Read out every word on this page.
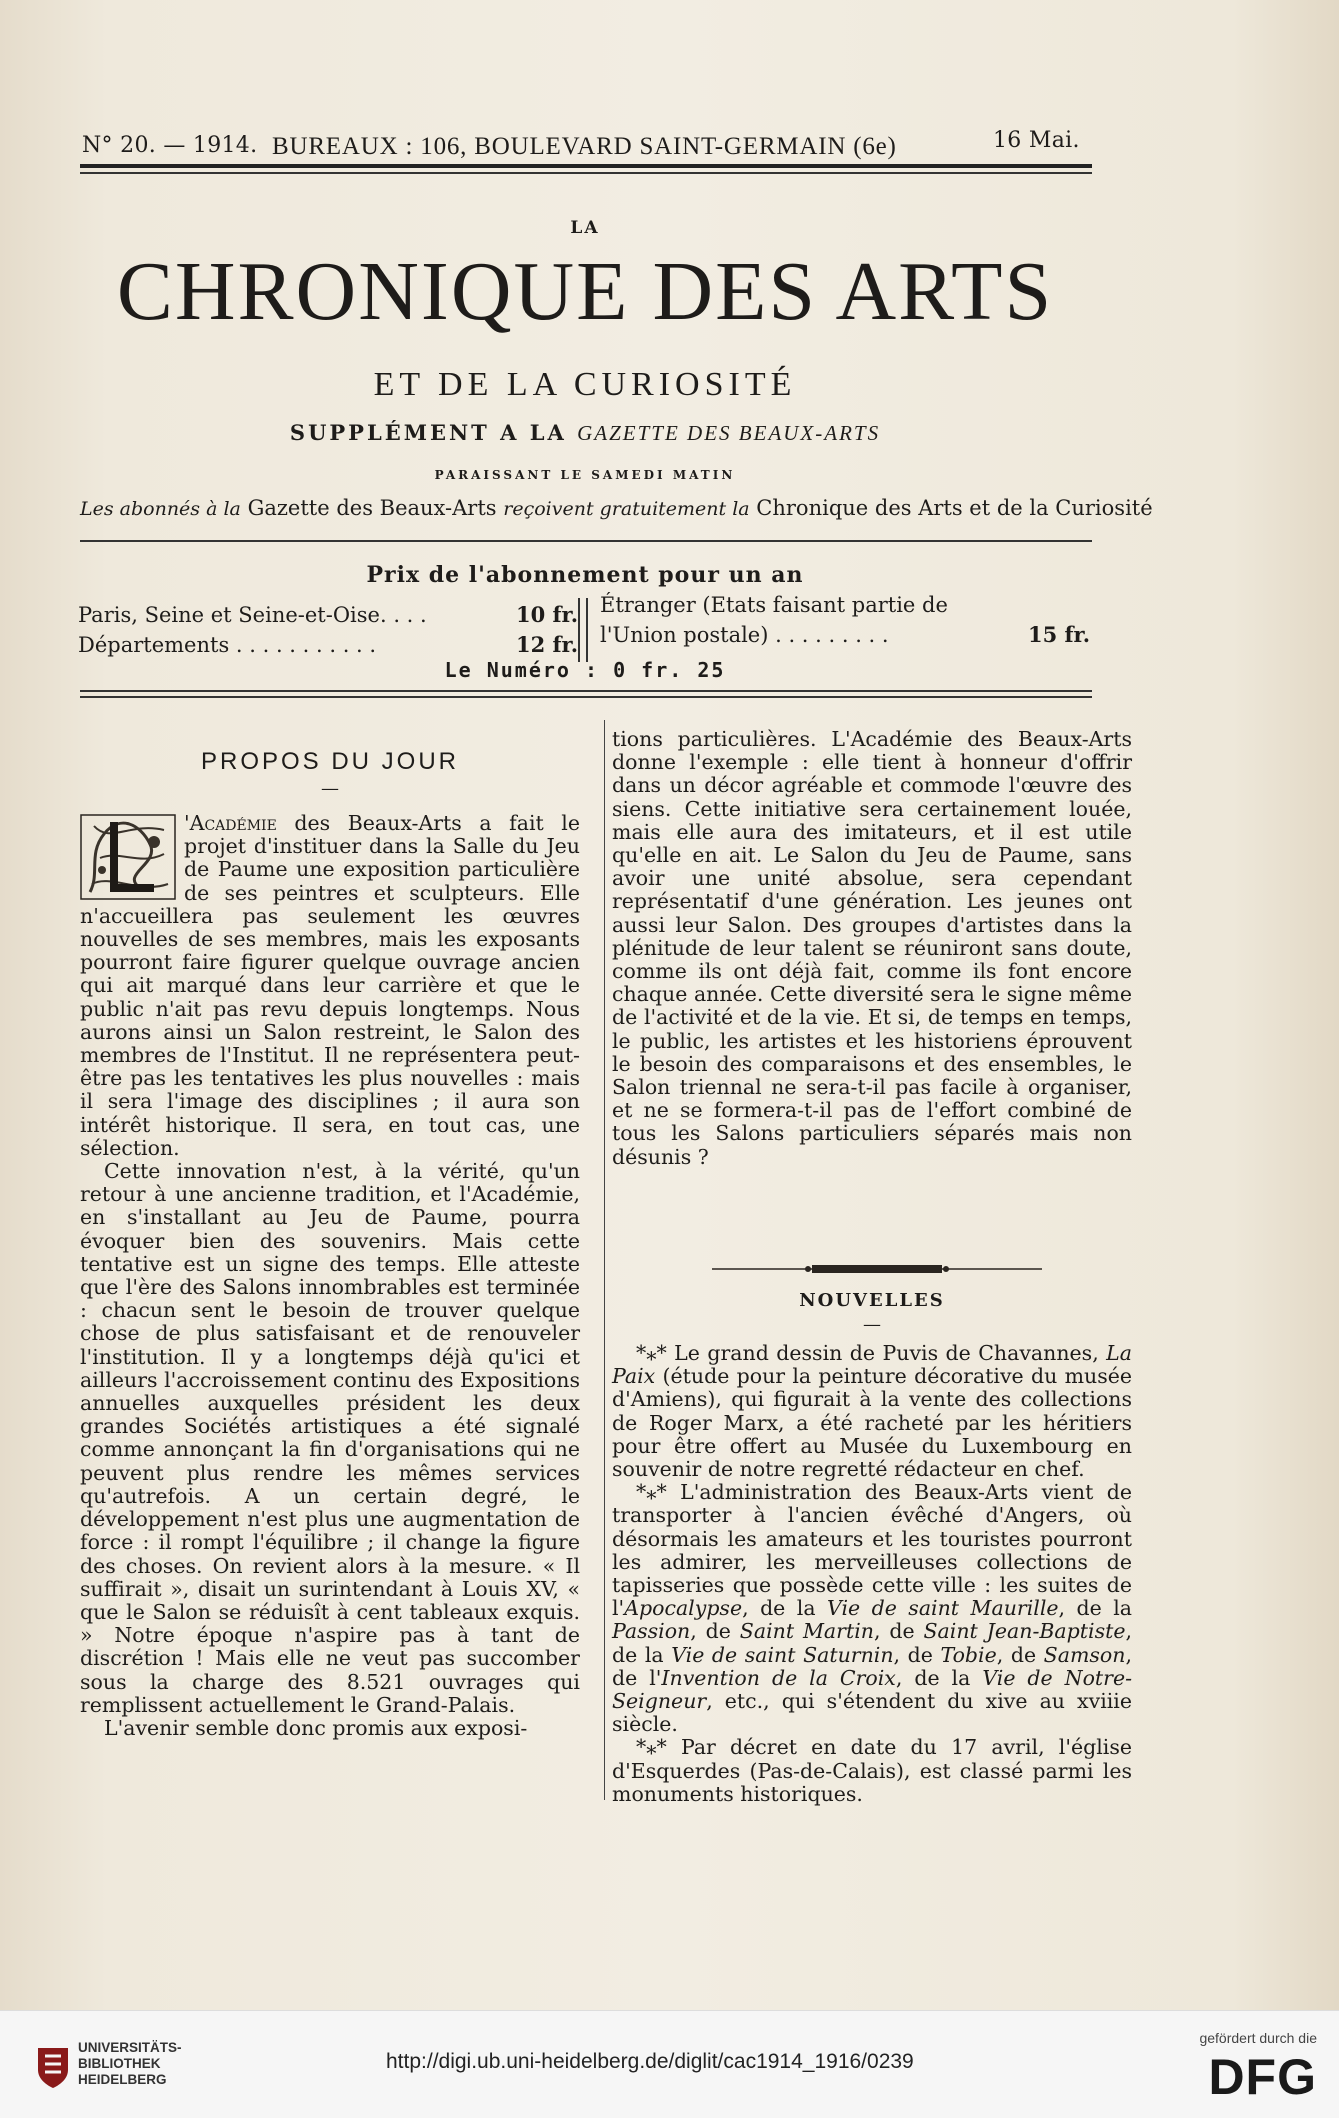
N° 20. — 1914. BUREAUX : 106, BOULEVARD SAINT-GERMAIN (6e)	16 Mai.
LA
CHRONIQUE DES ARTS
ET DE LA CURIOSITÉ
SUPPLÉMENT A LA GAZETTE DES BEAUX-ARTS
PARAISSANT LE SAMEDI MATIN
Les abonnés à la Gazette des Beaux-Arts reçoivent gratuitement la Chronique des Arts et de la Curiosité
Prix de l'abonnement pour un an
Paris, Seine et Seine-et-Oise. . . .	10 fr.
Départements . . . . . . . . . . .	12 fr.
Étranger (Etats faisant partie de
l'Union postale) . . . . . . . . .	15 fr.
Le Numéro : 0 fr. 25
PROPOS DU JOUR
—

'Académie des Beaux-Arts a fait le projet d'instituer dans la Salle du Jeu de Paume une exposition particulière de ses peintres et sculpteurs. Elle n'accueillera pas seulement les œuvres nouvelles de ses membres, mais les exposants pourront faire figurer quelque ouvrage ancien qui ait marqué dans leur carrière et que le public n'ait pas revu depuis longtemps. Nous aurons ainsi un Salon restreint, le Salon des membres de l'Institut. Il ne représentera peut-être pas les tentatives les plus nouvelles : mais il sera l'image des disciplines ; il aura son intérêt historique. Il sera, en tout cas, une sélection.

Cette innovation n'est, à la vérité, qu'un retour à une ancienne tradition, et l'Académie, en s'installant au Jeu de Paume, pourra évoquer bien des souvenirs. Mais cette tentative est un signe des temps. Elle atteste que l'ère des Salons innombrables est terminée : chacun sent le besoin de trouver quelque chose de plus satisfaisant et de renouveler l'institution. Il y a longtemps déjà qu'ici et ailleurs l'accroissement continu des Expositions annuelles auxquelles président les deux grandes Sociétés artistiques a été signalé comme annonçant la fin d'organisations qui ne peuvent plus rendre les mêmes services qu'autrefois. A un certain degré, le développement n'est plus une augmentation de force : il rompt l'équilibre ; il change la figure des choses. On revient alors à la mesure. « Il suffirait », disait un surintendant à Louis XV, « que le Salon se réduisît à cent tableaux exquis. » Notre époque n'aspire pas à tant de discrétion ! Mais elle ne veut pas succomber sous la charge des 8.521 ouvrages qui remplissent actuellement le Grand-Palais.

L'avenir semble donc promis aux exposi-

tions particulières. L'Académie des Beaux-Arts donne l'exemple : elle tient à honneur d'offrir dans un décor agréable et commode l'œuvre des siens. Cette initiative sera certainement louée, mais elle aura des imitateurs, et il est utile qu'elle en ait. Le Salon du Jeu de Paume, sans avoir une unité absolue, sera cependant représentatif d'une génération. Les jeunes ont aussi leur Salon. Des groupes d'artistes dans la plénitude de leur talent se réuniront sans doute, comme ils ont déjà fait, comme ils font encore chaque année. Cette diversité sera le signe même de l'activité et de la vie. Et si, de temps en temps, le public, les artistes et les historiens éprouvent le besoin des comparaisons et des ensembles, le Salon triennal ne sera-t-il pas facile à organiser, et ne se formera-t-il pas de l'effort combiné de tous les Salons particuliers séparés mais non désunis ?

NOUVELLES
—

*⁎* Le grand dessin de Puvis de Chavannes, La Paix (étude pour la peinture décorative du musée d'Amiens), qui figurait à la vente des collections de Roger Marx, a été racheté par les héritiers pour être offert au Musée du Luxembourg en souvenir de notre regretté rédacteur en chef.

*⁎* L'administration des Beaux-Arts vient de transporter à l'ancien évêché d'Angers, où désormais les amateurs et les touristes pourront les admirer, les merveilleuses collections de tapisseries que possède cette ville : les suites de l'Apocalypse, de la Vie de saint Maurille, de la Passion, de Saint Martin, de Saint Jean-Baptiste, de la Vie de saint Saturnin, de Tobie, de Samson, de l'Invention de la Croix, de la Vie de Notre-Seigneur, etc., qui s'étendent du xive au xviiie siècle.

*⁎* Par décret en date du 17 avril, l'église d'Esquerdes (Pas-de-Calais), est classé parmi les monuments historiques.

UNIVERSITÄTS-
BIBLIOTHEK
HEIDELBERG
http://digi.ub.uni-heidelberg.de/diglit/cac1914_1916/0239
gefördert durch die
DFG
